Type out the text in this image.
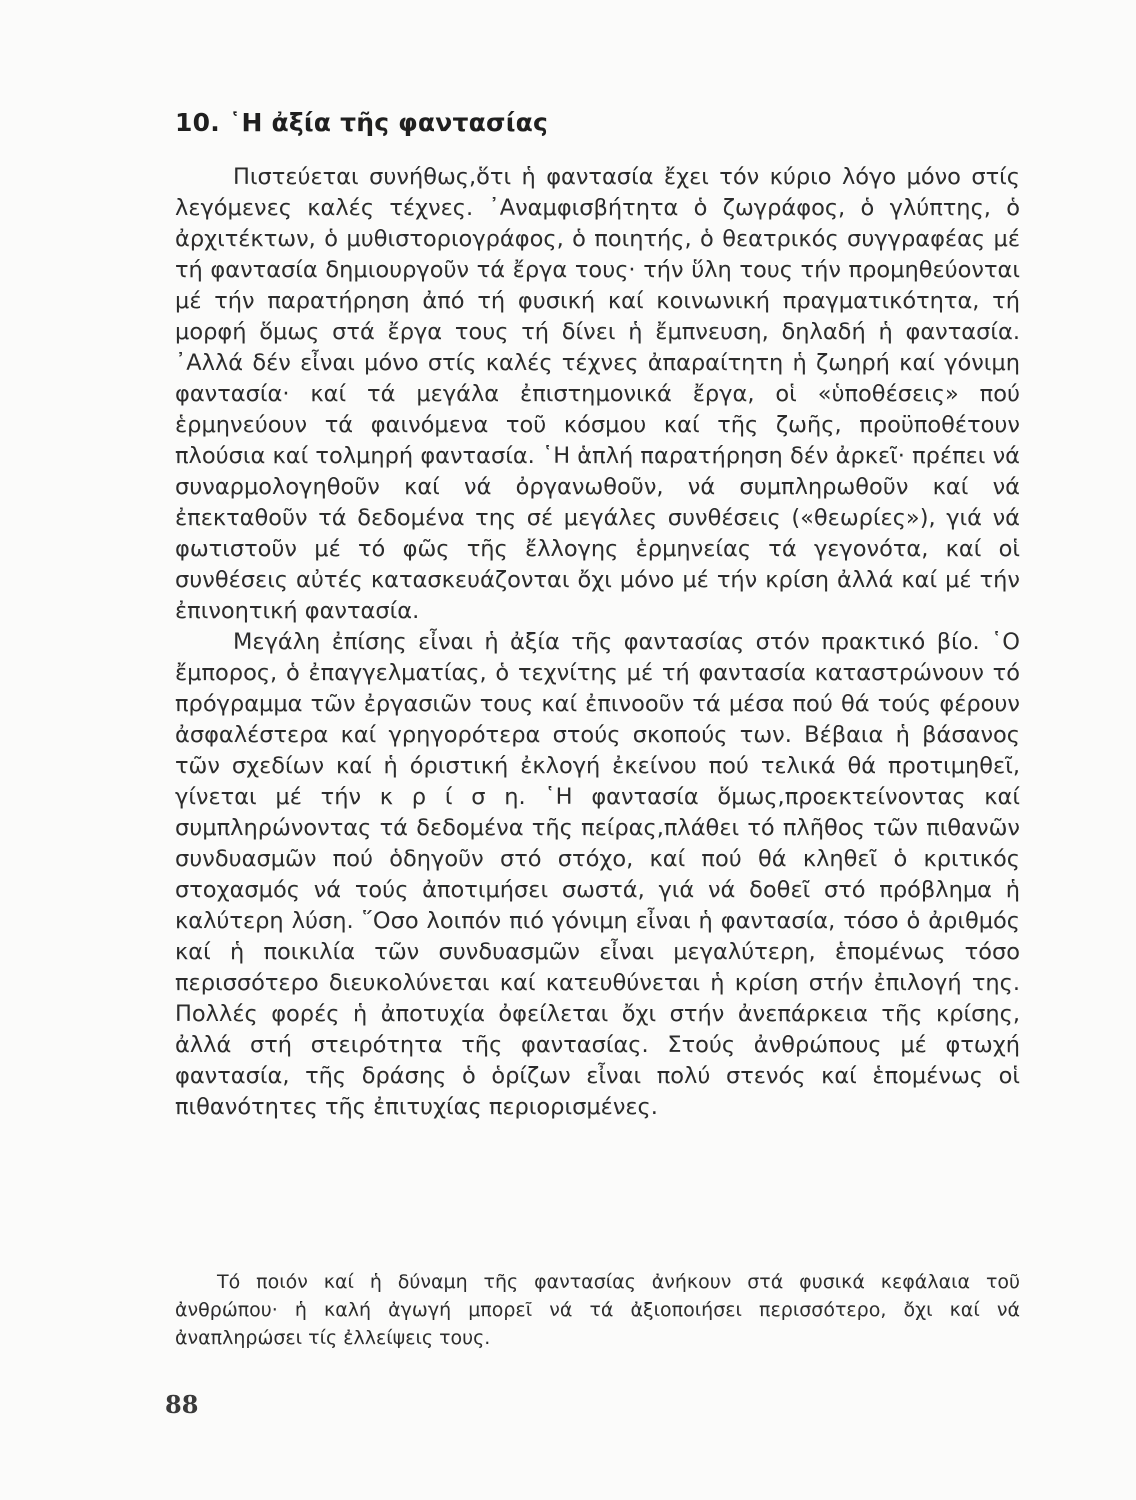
10. ῾Η ἀξία τῆς φαντασίας

Πιστεύεται συνήθως,ὅτι ἡ φαντασία ἔχει τόν κύριο λόγο μόνο στίς λεγόμενες καλές τέχνες. ᾿Αναμφισβήτητα ὁ ζωγράφος, ὁ γλύπτης, ὁ ἀρχιτέκτων, ὁ μυθιστοριογράφος, ὁ ποιητής, ὁ θεατρικός συγγραφέας μέ τή φαντασία δημιουργοῦν τά ἔργα τους· τήν ὕλη τους τήν προμηθεύονται μέ τήν παρατήρηση ἀπό τή φυσική καί κοινωνική πραγματικότητα, τή μορφή ὅμως στά ἔργα τους τή δίνει ἡ ἔμπνευση, δηλαδή ἡ φαντασία. ᾿Αλλά δέν εἶναι μόνο στίς καλές τέχνες ἀπαραίτητη ἡ ζωηρή καί γόνιμη φαντασία· καί τά μεγάλα ἐπιστημονικά ἔργα, οἱ «ὑποθέσεις» πού ἑρμηνεύουν τά φαινόμενα τοῦ κόσμου καί τῆς ζωῆς, προϋποθέτουν πλούσια καί τολμηρή φαντασία. ῾Η ἁπλή παρατήρηση δέν ἀρκεῖ· πρέπει νά συναρμολογηθοῦν καί νά ὀργανωθοῦν, νά συμπληρωθοῦν καί νά ἐπεκταθοῦν τά δεδομένα της σέ μεγάλες συνθέσεις («θεωρίες»), γιά νά φωτιστοῦν μέ τό φῶς τῆς ἔλλογης ἑρμηνείας τά γεγονότα, καί οἱ συνθέσεις αὐτές κατασκευάζονται ὄχι μόνο μέ τήν κρίση ἀλλά καί μέ τήν ἐπινοητική φαντασία.

Μεγάλη ἐπίσης εἶναι ἡ ἀξία τῆς φαντασίας στόν πρακτικό βίο. ῾Ο ἔμπορος, ὁ ἐπαγγελματίας, ὁ τεχνίτης μέ τή φαντασία καταστρώνουν τό πρόγραμμα τῶν ἐργασιῶν τους καί ἐπινοοῦν τά μέσα πού θά τούς φέρουν ἀσφαλέστερα καί γρηγορότερα στούς σκοπούς των. Βέβαια ἡ βάσανος τῶν σχεδίων καί ἡ όριστική ἐκλογή ἐκείνου πού τελικά θά προτιμηθεῖ, γίνεται μέ τήν κ ρ ί σ η. ῾Η φαντασία ὅμως,προεκτείνοντας καί συμπληρώνοντας τά δεδομένα τῆς πείρας,πλάθει τό πλῆθος τῶν πιθανῶν συνδυασμῶν πού ὁδηγοῦν στό στόχο, καί πού θά κληθεῖ ὁ κριτικός στοχασμός νά τούς ἀποτιμήσει σωστά, γιά νά δοθεῖ στό πρόβλημα ἡ καλύτερη λύση. ῞Οσο λοιπόν πιό γόνιμη εἶναι ἡ φαντασία, τόσο ὁ ἀριθμός καί ἡ ποικιλία τῶν συνδυασμῶν εἶναι μεγαλύτερη, ἑπομένως τόσο περισσότερο διευκολύνεται καί κατευθύνεται ἡ κρίση στήν ἐπιλογή της. Πολλές φορές ἡ ἀποτυχία ὀφείλεται ὄχι στήν ἀνεπάρκεια τῆς κρίσης, ἀλλά στή στειρότητα τῆς φαντασίας. Στούς ἀνθρώπους μέ φτωχή φαντασία, τῆς δράσης ὁ ὁρίζων εἶναι πολύ στενός καί ἑπομένως οἱ πιθανότητες τῆς ἐπιτυχίας περιορισμένες.

Τό ποιόν καί ἡ δύναμη τῆς φαντασίας ἀνήκουν στά φυσικά κεφάλαια τοῦ ἀνθρώπου· ἡ καλή ἀγωγή μπορεῖ νά τά ἀξιοποιήσει περισσότερο, ὄχι καί νά ἀναπληρώσει τίς ἐλλείψεις τους.

88
